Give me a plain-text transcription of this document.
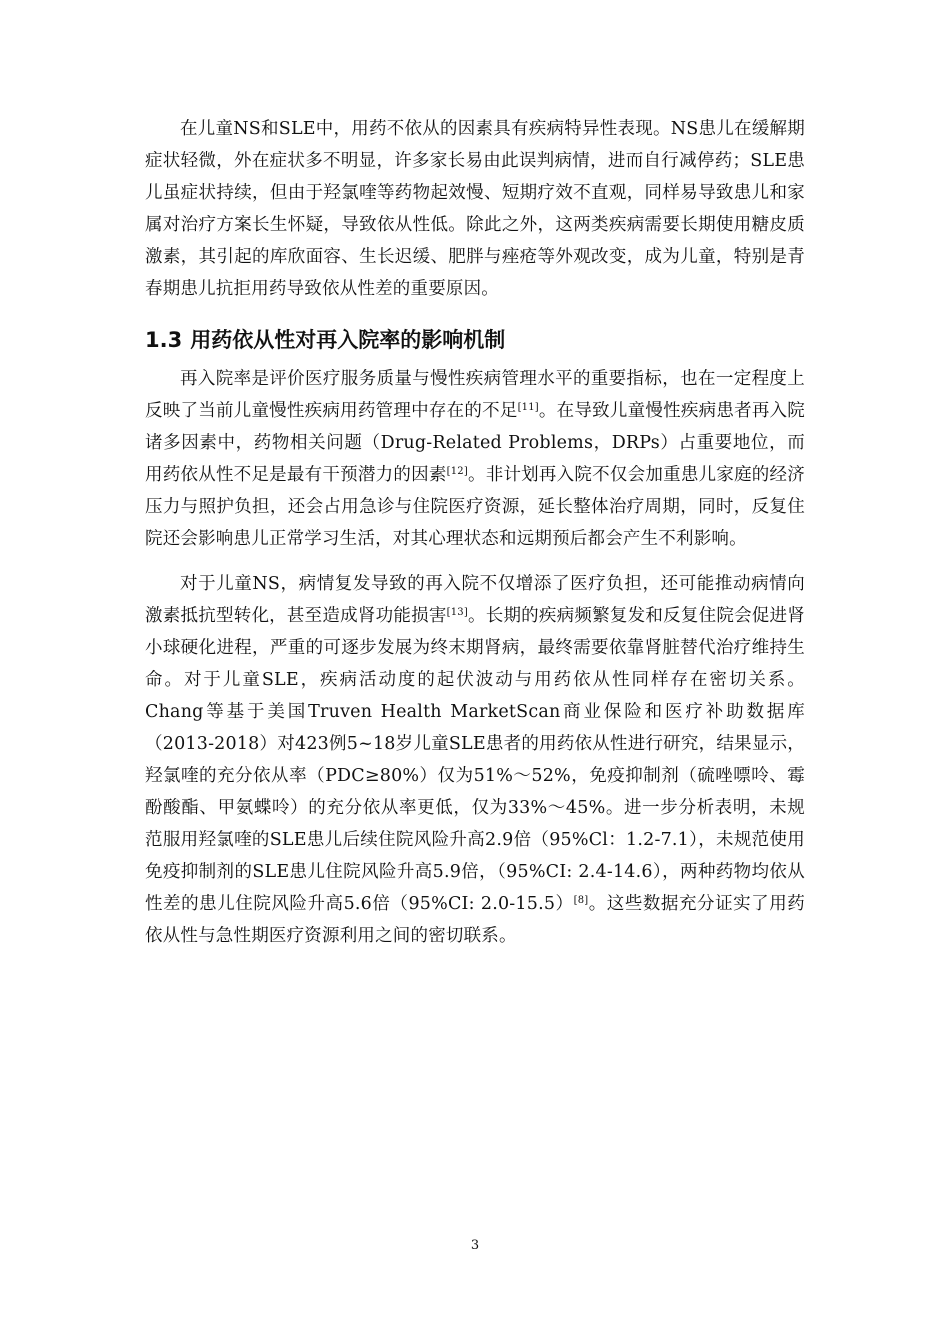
在儿童NS和SLE中，用药不依从的因素具有疾病特异性表现。NS患儿在缓解期症状轻微，外在症状多不明显，许多家长易由此误判病情，进而自行减停药；SLE患儿虽症状持续，但由于羟氯喹等药物起效慢、短期疗效不直观，同样易导致患儿和家属对治疗方案长生怀疑，导致依从性低。除此之外，这两类疾病需要长期使用糖皮质激素，其引起的库欣面容、生长迟缓、肥胖与痤疮等外观改变，成为儿童，特别是青春期患儿抗拒用药导致依从性差的重要原因。

1.3 用药依从性对再入院率的影响机制

再入院率是评价医疗服务质量与慢性疾病管理水平的重要指标，也在一定程度上反映了当前儿童慢性疾病用药管理中存在的不足[11]。在导致儿童慢性疾病患者再入院诸多因素中，药物相关问题（Drug-Related Problems，DRPs）占重要地位，而用药依从性不足是最有干预潜力的因素[12]。非计划再入院不仅会加重患儿家庭的经济压力与照护负担，还会占用急诊与住院医疗资源，延长整体治疗周期，同时，反复住院还会影响患儿正常学习生活，对其心理状态和远期预后都会产生不利影响。

对于儿童NS，病情复发导致的再入院不仅增添了医疗负担，还可能推动病情向激素抵抗型转化，甚至造成肾功能损害[13]。长期的疾病频繁复发和反复住院会促进肾小球硬化进程，严重的可逐步发展为终末期肾病，最终需要依靠肾脏替代治疗维持生命。对于儿童SLE，疾病活动度的起伏波动与用药依从性同样存在密切关系。Chang等基于美国Truven Health MarketScan商业保险和医疗补助数据库（2013-2018）对423例5~18岁儿童SLE患者的用药依从性进行研究，结果显示，羟氯喹的充分依从率（PDC≥80%）仅为51%～52%，免疫抑制剂（硫唑嘌呤、霉酚酸酯、甲氨蝶呤）的充分依从率更低，仅为33%～45%。进一步分析表明，未规范服用羟氯喹的SLE患儿后续住院风险升高2.9倍（95%Cl：1.2-7.1），未规范使用免疫抑制剂的SLE患儿住院风险升高5.9倍，（95%CI: 2.4-14.6），两种药物均依从性差的患儿住院风险升高5.6倍（95%CI: 2.0-15.5）[8]。这些数据充分证实了用药依从性与急性期医疗资源利用之间的密切联系。

3
